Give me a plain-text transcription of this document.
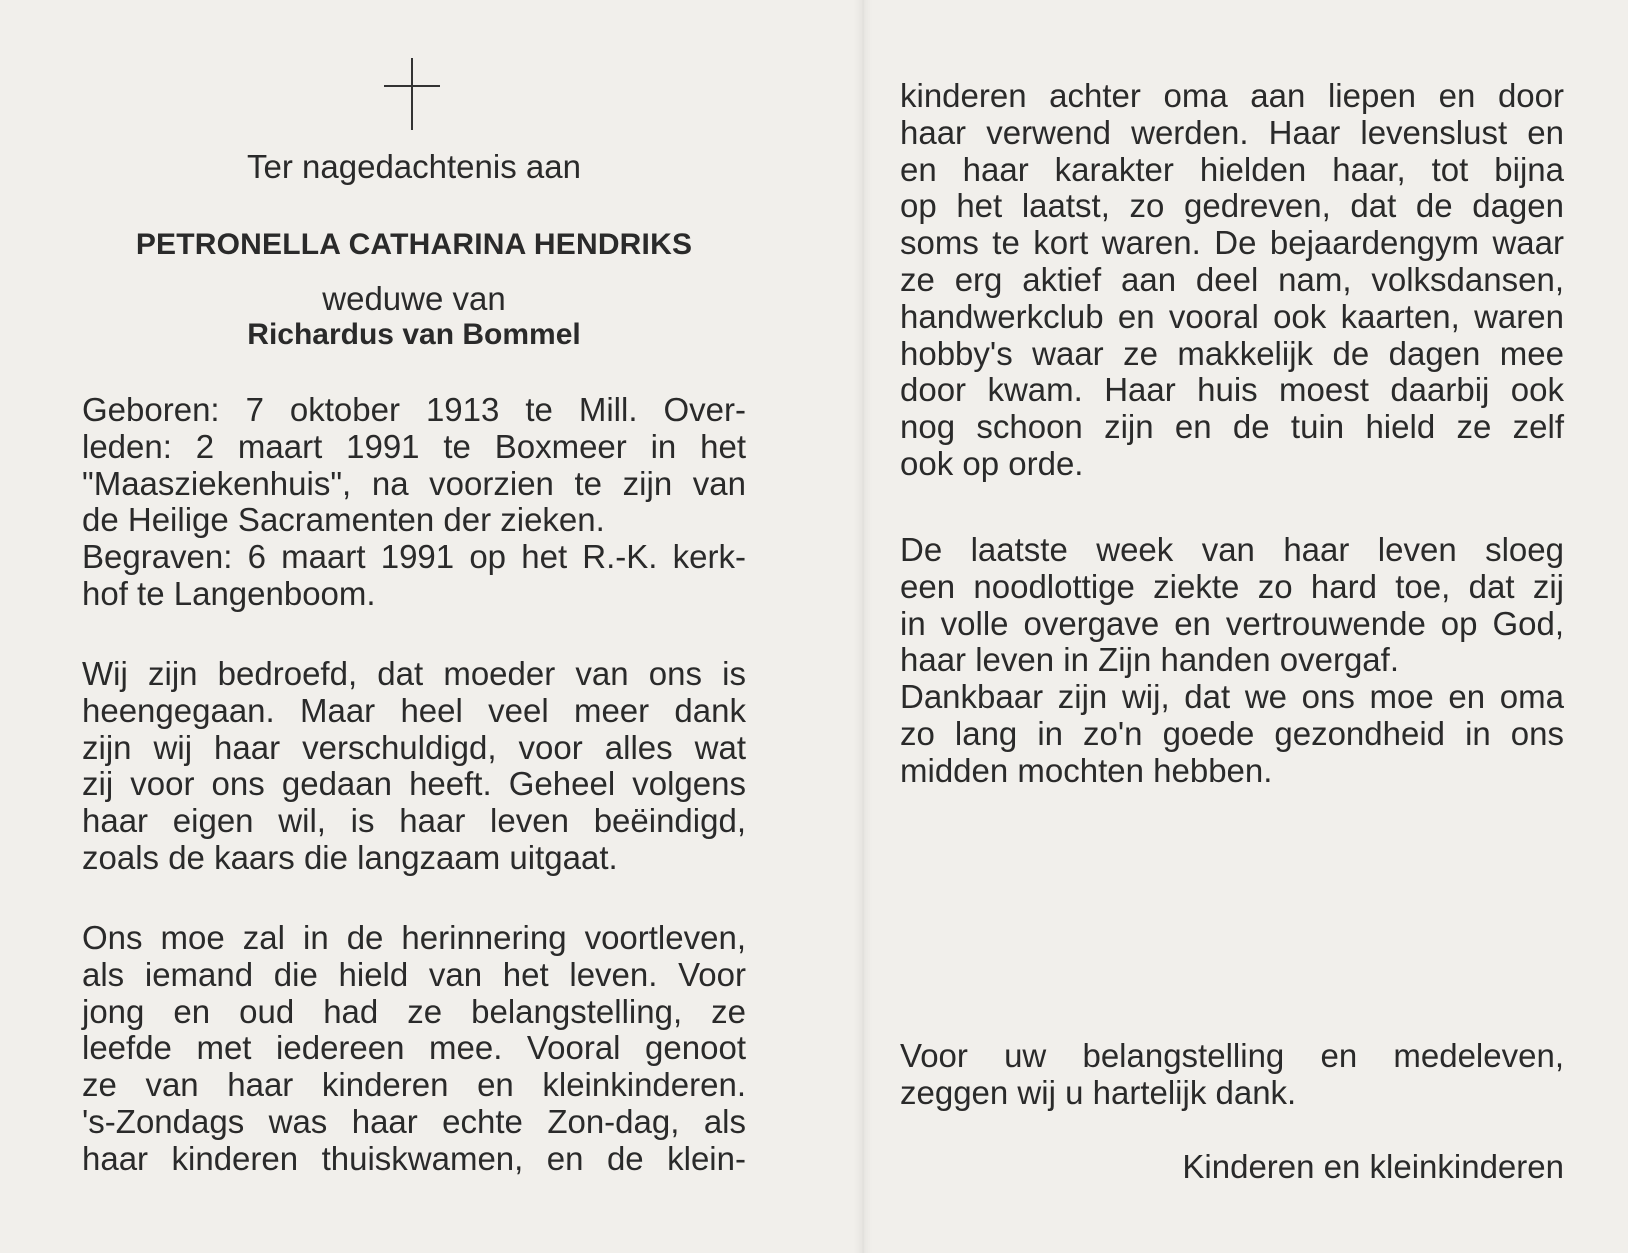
Ter nagedachtenis aan
PETRONELLA CATHARINA HENDRIKS
weduwe van
Richardus van Bommel
Geboren: 7 oktober 1913 te Mill. Over-
leden: 2 maart 1991 te Boxmeer in het
"Maasziekenhuis", na voorzien te zijn van
de Heilige Sacramenten der zieken.
Begraven: 6 maart 1991 op het R.-K. kerk-
hof te Langenboom.
Wij zijn bedroefd, dat moeder van ons is
heengegaan. Maar heel veel meer dank
zijn wij haar verschuldigd, voor alles wat
zij voor ons gedaan heeft. Geheel volgens
haar eigen wil, is haar leven beëindigd,
zoals de kaars die langzaam uitgaat.
Ons moe zal in de herinnering voortleven,
als iemand die hield van het leven. Voor
jong en oud had ze belangstelling, ze
leefde met iedereen mee. Vooral genoot
ze van haar kinderen en kleinkinderen.
's-Zondags was haar echte Zon-dag, als
haar kinderen thuiskwamen, en de klein-
kinderen achter oma aan liepen en door
haar verwend werden. Haar levenslust en
en haar karakter hielden haar, tot bijna
op het laatst, zo gedreven, dat de dagen
soms te kort waren. De bejaardengym waar
ze erg aktief aan deel nam, volksdansen,
handwerkclub en vooral ook kaarten, waren
hobby's waar ze makkelijk de dagen mee
door kwam. Haar huis moest daarbij ook
nog schoon zijn en de tuin hield ze zelf
ook op orde.
De laatste week van haar leven sloeg
een noodlottige ziekte zo hard toe, dat zij
in volle overgave en vertrouwende op God,
haar leven in Zijn handen overgaf.
Dankbaar zijn wij, dat we ons moe en oma
zo lang in zo'n goede gezondheid in ons
midden mochten hebben.
Voor uw belangstelling en medeleven,
zeggen wij u hartelijk dank.
Kinderen en kleinkinderen
